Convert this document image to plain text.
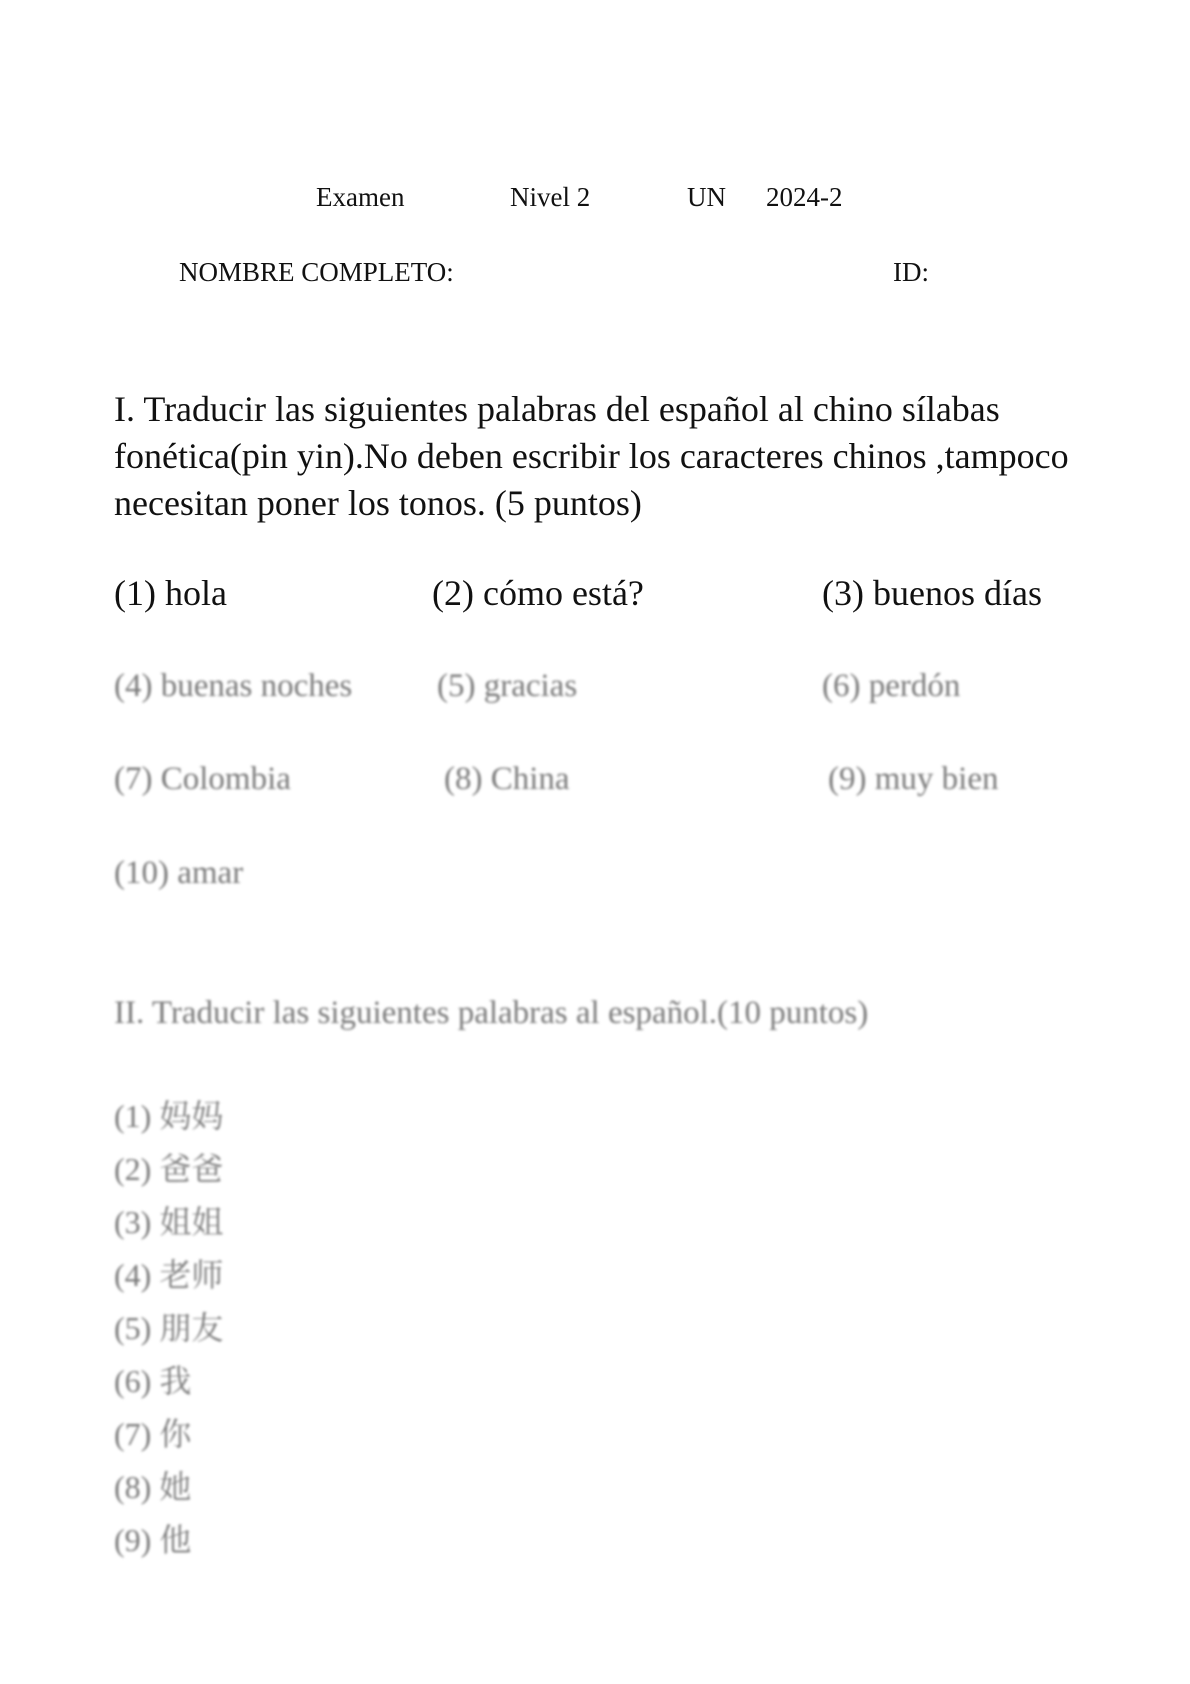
Examen	Nivel 2	UN 2024-2
NOMBRE COMPLETO:	ID:
I. Traducir las siguientes palabras del español al chino sílabas fonética(pin yin).No deben escribir los caracteres chinos ,tampoco necesitan poner los tonos. (5 puntos)
(1) hola	(2) cómo está?	(3) buenos días
(4) buenas noches	(5) gracias	(6) perdón
(7) Colombia	(8) China	(9) muy bien
(10) amar
II. Traducir las siguientes palabras al español.(10 puntos)
(1) 妈妈
(2) 爸爸
(3) 姐姐
(4) 老师
(5) 朋友
(6) 我
(7) 你
(8) 她
(9) 他
